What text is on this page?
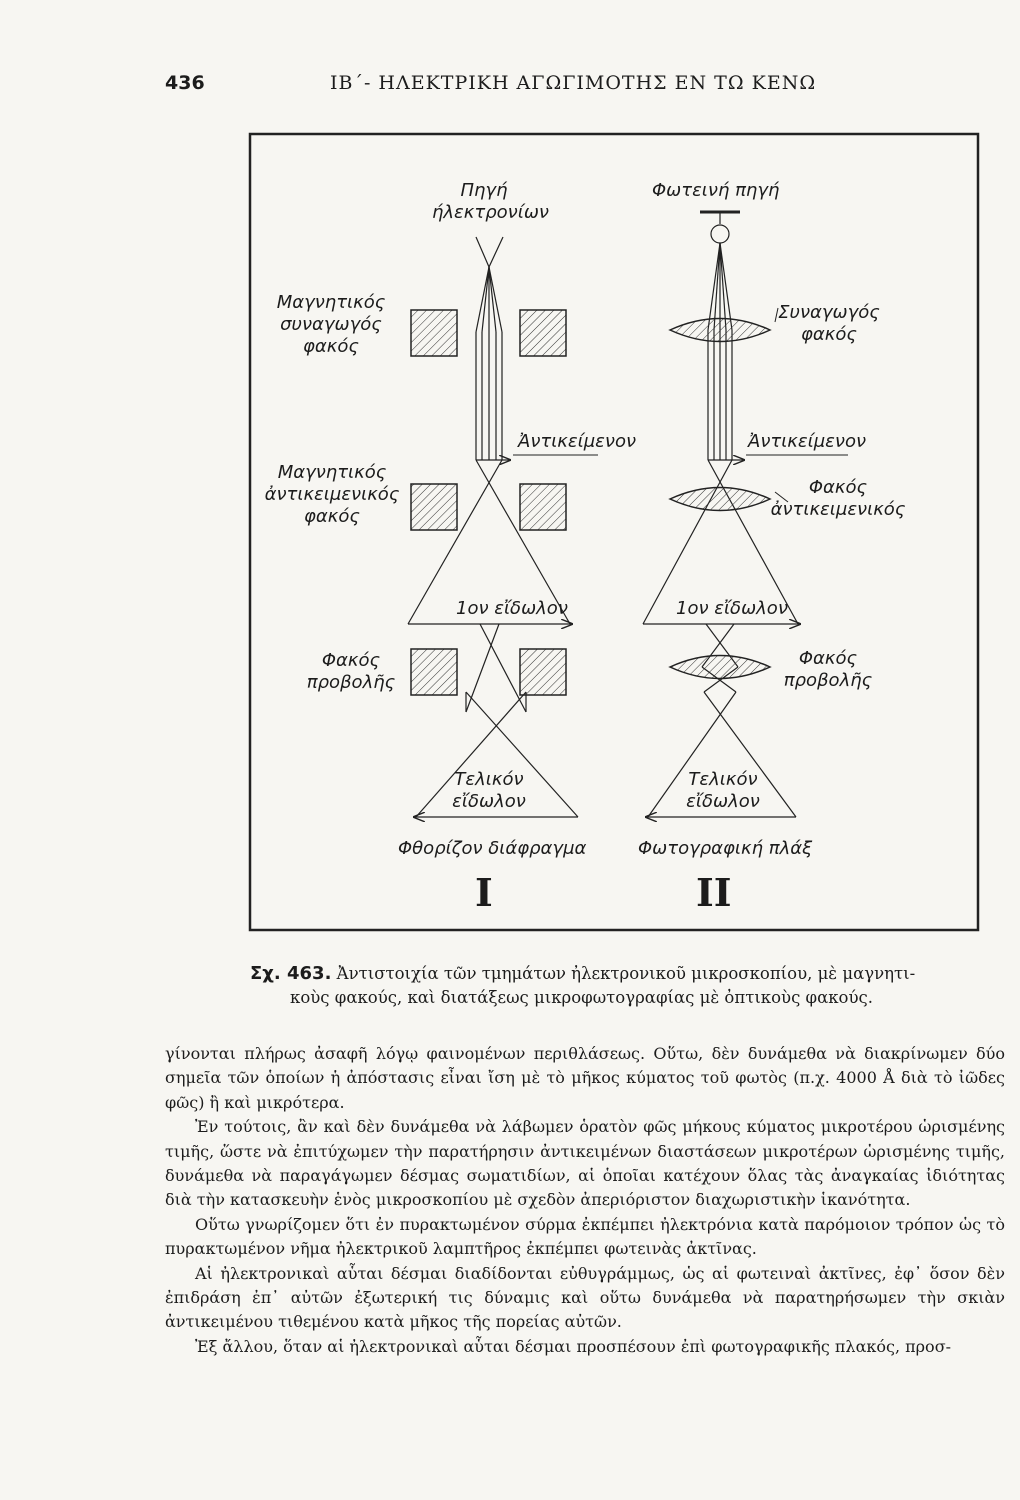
436	ΙΒ΄- ΗΛΕΚΤΡΙΚΗ ΑΓΩΓΙΜΟΤΗΣ ΕΝ ΤΩ ΚΕΝΩ
Πηγή
ήλεκτρονίων
Μαγνητικός
συναγωγός
φακός
Ἀντικείμενον
Μαγνητικός
ἀντικειμενικός
φακός
1ον εἴδωλον
Φακός
προβολῆς
Τελικόν
εἴδωλον
Φθορίζον διάφραγμα
I
Φωτεινή πηγή
Συναγωγός
φακός
Ἀντικείμενον
Φακός
ἀντικειμενικός
1ον εἴδωλον
Φακός
προβολῆς
Τελικόν
εἴδωλον
Φωτογραφική πλάξ
II
Σχ. 463. Ἀντιστοιχία τῶν τμημάτων ἠλεκτρονικοῦ μικροσκοπίου, μὲ μαγνητι-
κοὺς φακούς, καὶ διατάξεως μικροφωτογραφίας μὲ ὀπτικοὺς φακούς.

γίνονται πλήρως ἀσαφῆ λόγῳ φαινομένων περιθλάσεως. Οὕτω, δὲν δυνάμεθα νὰ διακρίνωμεν δύο σημεῖα τῶν ὁποίων ἡ ἀπόστασις εἶναι ἴση μὲ τὸ μῆκος κύματος τοῦ φωτὸς (π.χ. 4000 Å διὰ τὸ ἰῶδες φῶς) ἢ καὶ μικρότερα.

Ἐν τούτοις, ἂν καὶ δὲν δυνάμεθα νὰ λάβωμεν ὁρατὸν φῶς μήκους κύματος μικροτέρου ὡρισμένης τιμῆς, ὥστε νὰ ἐπιτύχωμεν τὴν παρατήρησιν ἀντικειμένων διαστάσεων μικροτέρων ὡρισμένης τιμῆς, δυνάμεθα νὰ παραγάγωμεν δέσμας σωματιδίων, αἱ ὁποῖαι κατέχουν ὅλας τὰς ἀναγκαίας ἰδιότητας διὰ τὴν κατασκευὴν ἑνὸς μικροσκοπίου μὲ σχεδὸν ἀπεριόριστον διαχωριστικὴν ἱκανότητα.

Οὕτω γνωρίζομεν ὅτι ἐν πυρακτωμένον σύρμα ἐκπέμπει ἠλεκτρόνια κατὰ παρόμοιον τρόπον ὡς τὸ πυρακτωμένον νῆμα ἠλεκτρικοῦ λαμπτῆρος ἐκπέμπει φωτεινὰς ἀκτῖνας.

Αἱ ἠλεκτρονικαὶ αὗται δέσμαι διαδίδονται εὐθυγράμμως, ὡς αἱ φωτειναὶ ἀκτῖνες, ἐφ᾽ ὅσον δὲν ἐπιδράση ἐπ᾽ αὐτῶν ἐξωτερική τις δύναμις καὶ οὕτω δυνάμεθα νὰ παρατηρήσωμεν τὴν σκιὰν ἀντικειμένου τιθεμένου κατὰ μῆκος τῆς πορείας αὐτῶν.

Ἐξ ἄλλου, ὅταν αἱ ἠλεκτρονικαὶ αὗται δέσμαι προσπέσουν ἐπὶ φωτογραφικῆς πλακός, προσ-
